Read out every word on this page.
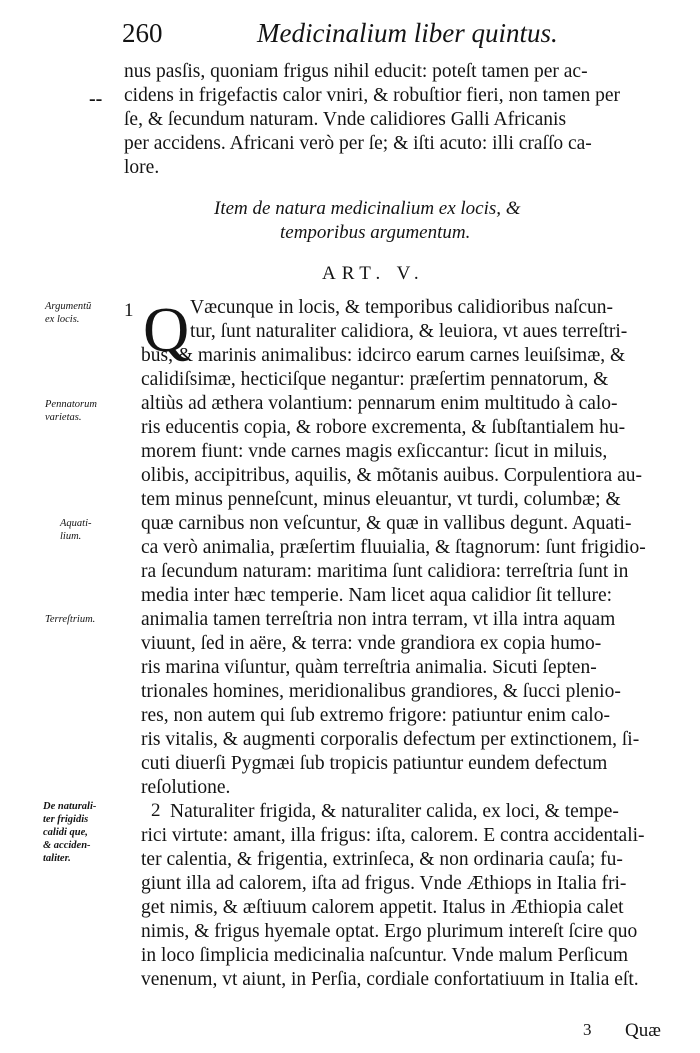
260	Medicinalium liber quintus.
‐‐
nus pasſis, quoniam frigus nihil educit: poteſt tamen per ac-
cidens in frigefactis calor vniri, & robuſtior fieri, non tamen per
ſe, & ſecundum naturam. Vnde calidiores Galli Africanis
per accidens. Africani verò per ſe; & iſti acuto: illi craſſo ca-
lore.
Item de natura medicinalium ex locis, &
temporibus argumentum.
ART. V.
Argumentũ
ex locis.
Pennatorum
varietas.
Aquati-
lium.
Terreſtrium.
De naturali-
ter frigidis
calidi que,
& acciden-
taliter.
1 Q Væcunque in locis, & temporibus calidioribus naſcun-
tur, ſunt naturaliter calidiora, & leuiora, vt aues terreſtri-
bus, & marinis animalibus: idcirco earum carnes leuiſsimæ, &
calidiſsimæ, hecticiſque negantur: præſertim pennatorum, &
altiùs ad æthera volantium: pennarum enim multitudo à calo-
ris educentis copia, & robore excrementa, & ſubſtantialem hu-
morem fiunt: vnde carnes magis exſiccantur: ſicut in miluis,
olibis, accipitribus, aquilis, & mõtanis auibus. Corpulentiora au-
tem minus penneſcunt, minus eleuantur, vt turdi, columbæ; &
quæ carnibus non veſcuntur, & quæ in vallibus degunt. Aquati-
ca verò animalia, præſertim fluuialia, & ſtagnorum: ſunt frigidio-
ra ſecundum naturam: maritima ſunt calidiora: terreſtria ſunt in
media inter hæc temperie. Nam licet aqua calidior ſit tellure:
animalia tamen terreſtria non intra terram, vt illa intra aquam
viuunt, ſed in aëre, & terra: vnde grandiora ex copia humo-
ris marina viſuntur, quàm terreſtria animalia. Sicuti ſepten-
trionales homines, meridionalibus grandiores, & ſucci plenio-
res, non autem qui ſub extremo frigore: patiuntur enim calo-
ris vitalis, & augmenti corporalis defectum per extinctionem, ſi-
cuti diuerſi Pygmæi ſub tropicis patiuntur eundem defectum
reſolutione.
2 Naturaliter frigida, & naturaliter calida, ex loci, & tempe-
rici virtute: amant, illa frigus: iſta, calorem. E contra accidentali-
ter calentia, & frigentia, extrinſeca, & non ordinaria cauſa; fu-
giunt illa ad calorem, iſta ad frigus. Vnde Æthiops in Italia fri-
get nimis, & æſtiuum calorem appetit. Italus in Æthiopia calet
nimis, & frigus hyemale optat. Ergo plurimum intereſt ſcire quo
in loco ſimplicia medicinalia naſcuntur. Vnde malum Perſicum
venenum, vt aiunt, in Perſia, cordiale confortatiuum in Italia eſt.
3 Quæ
